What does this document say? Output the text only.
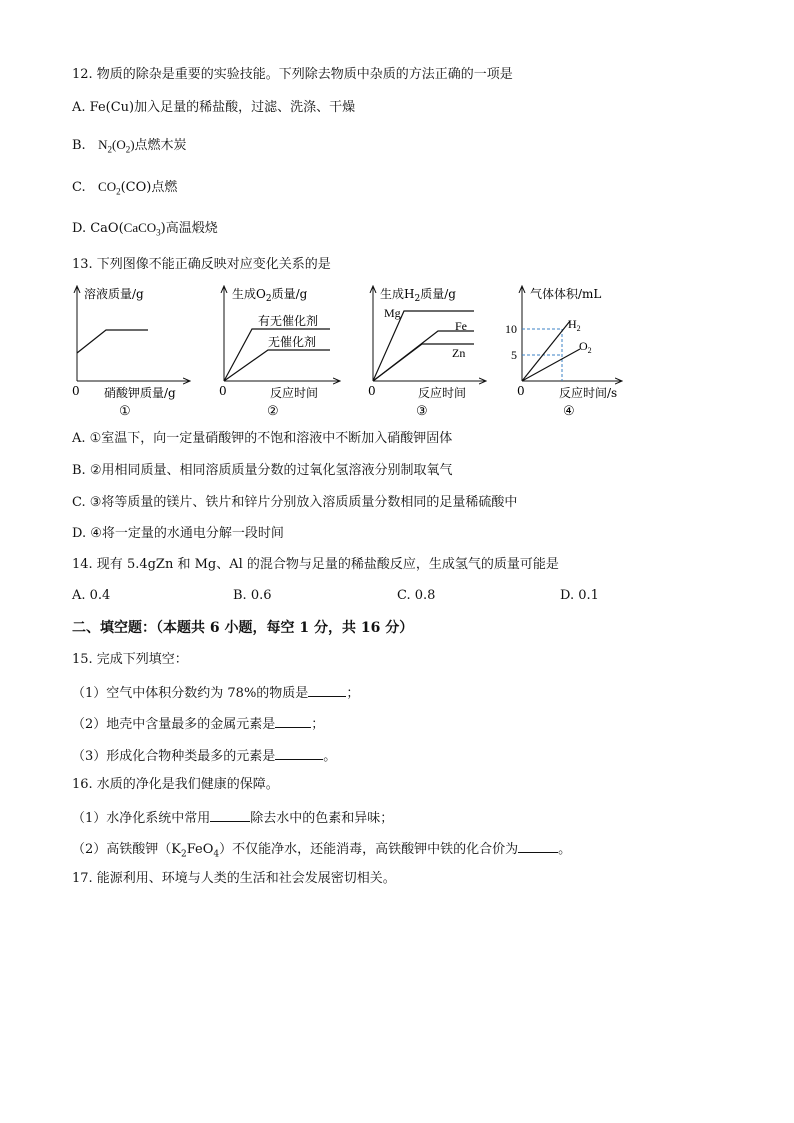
12. 物质的除杂是重要的实验技能。下列除去物质中杂质的方法正确的一项是
A. Fe(Cu)加入足量的稀盐酸，过滤、洗涤、干燥
B. $N_2(O_2)$点燃木炭
C. $CO_2(CO)$点燃
D. CaO(CaCO$_3$)高温煅烧
13. 下列图像不能正确反映对应变化关系的是
溶液质量/g
0 硝酸钾质量/g
①
生成$O_2$质量/g
有无催化剂
无催化剂
0	反应时间
②
生成$H_2$质量/g
Mg
Fe
Zn
0	反应时间
③
气体体积/mL
10
5
$H_2$
$O_2$
0	反应时间/s
④
A. ①室温下，向一定量硝酸钾的不饱和溶液中不断加入硝酸钾固体
B. ②用相同质量、相同溶质质量分数的过氧化氢溶液分别制取氧气
C. ③将等质量的镁片、铁片和锌片分别放入溶质质量分数相同的足量稀硫酸中
D. ④将一定量的水通电分解一段时间
14. 现有 5.4gZn 和 Mg、Al 的混合物与足量的稀盐酸反应，生成氢气的质量可能是
A. 0.4	B. 0.6	C. 0.8	D. 0.1
二、填空题：（本题共 6 小题，每空 1 分，共 16 分）
15. 完成下列填空：
（1）空气中体积分数约为 78%的物质是	；
（2）地壳中含量最多的金属元素是	；
（3）形成化合物种类最多的元素是	。
16. 水质的净化是我们健康的保障。
（1）水净化系统中常用	除去水中的色素和异味；
（2）高铁酸钾$(K_2FeO_4)$不仅能净水，还能消毒，高铁酸钾中铁的化合价为	。
17. 能源利用、环境与人类的生活和社会发展密切相关。
